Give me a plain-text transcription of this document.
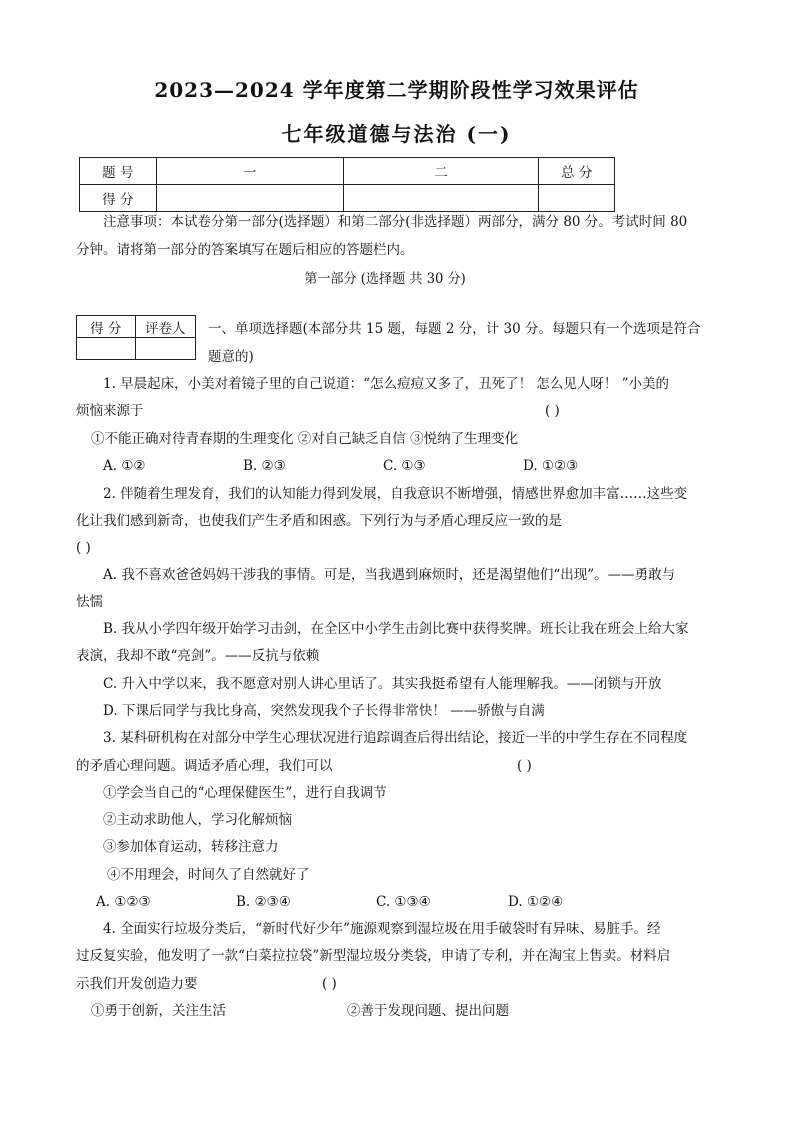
2023—2024 学年度第二学期阶段性学习效果评估
七年级道德与法治 (一)
题 号	一	二	总 分
得 分			
注意事项：本试卷分第一部分(选择题）和第二部分(非选择题）两部分，满分 80 分。考试时间 80
分钟。请将第一部分的答案填写在题后相应的答题栏内。
第一部分 (选择题 共 30 分)
得 分	评卷人
	一、单项选择题(本部分共 15 题，每题 2 分，计 30 分。每题只有一个选项是符合
题意的)
1. 早晨起床，小美对着镜子里的自己说道：“怎么痘痘又多了，丑死了！ 怎么见人呀！ ”小美的
烦恼来源于	( )
①不能正确对待青春期的生理变化 ②对自己缺乏自信 ③悦纳了生理变化
A. ①②	B. ②③	C. ①③	D. ①②③
2. 伴随着生理发育，我们的认知能力得到发展，自我意识不断增强，情感世界愈加丰富……这些变
化让我们感到新奇，也使我们产生矛盾和困惑。下列行为与矛盾心理反应一致的是
( )
A. 我不喜欢爸爸妈妈干涉我的事情。可是，当我遇到麻烦时，还是渴望他们“出现”。——勇敢与
怯懦
B. 我从小学四年级开始学习击剑，在全区中小学生击剑比赛中获得奖牌。班长让我在班会上给大家
表演，我却不敢“亮剑”。——反抗与依赖
C. 升入中学以来，我不愿意对别人讲心里话了。其实我挺希望有人能理解我。——闭锁与开放
D. 下课后同学与我比身高，突然发现我个子长得非常快！ ——骄傲与自满
3. 某科研机构在对部分中学生心理状况进行追踪调查后得出结论，接近一半的中学生存在不同程度
的矛盾心理问题。调适矛盾心理，我们可以	( )
①学会当自己的“心理保健医生”，进行自我调节
②主动求助他人，学习化解烦恼
③参加体育运动，转移注意力
④不用理会，时间久了自然就好了
A. ①②③	B. ②③④	C. ①③④	D. ①②④
4. 全面实行垃圾分类后，“新时代好少年”施源观察到湿垃圾在用手破袋时有异味、易脏手。经
过反复实验，他发明了一款“白菜拉拉袋”新型湿垃圾分类袋，申请了专利，并在淘宝上售卖。材料启
示我们开发创造力要	( )
①勇于创新，关注生活	②善于发现问题、提出问题
